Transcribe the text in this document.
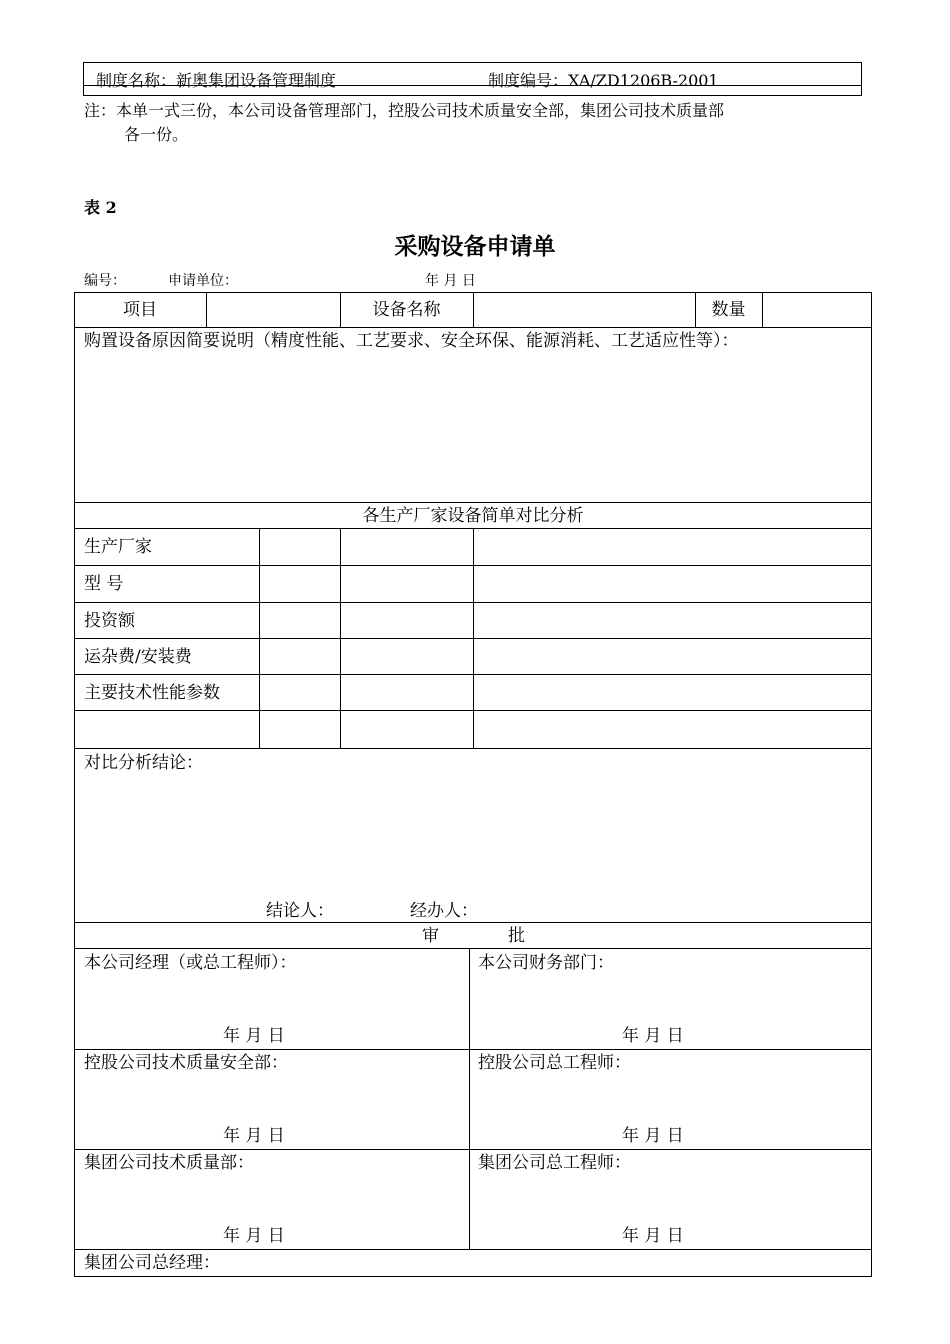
制度名称：新奥集团设备管理制度	制度编号：XA/ZD1206B-2001
注：本单一式三份，本公司设备管理部门，控股公司技术质量安全部，集团公司技术质量部
各一份。
表 2
采购设备申请单
编号：	申请单位：	年 月 日
项目	设备名称	数量
购置设备原因简要说明（精度性能、工艺要求、安全环保、能源消耗、工艺适应性等）：
各生产厂家设备简单对比分析
生产厂家
型 号
投资额
运杂费/安装费
主要技术性能参数
对比分析结论：
结论人：	经办人：
审	批
本公司经理（或总工程师）：	本公司财务部门：
年 月 日	年 月 日
控股公司技术质量安全部：	控股公司总工程师：
年 月 日	年 月 日
集团公司技术质量部：	集团公司总工程师：
年 月 日	年 月 日
集团公司总经理：
